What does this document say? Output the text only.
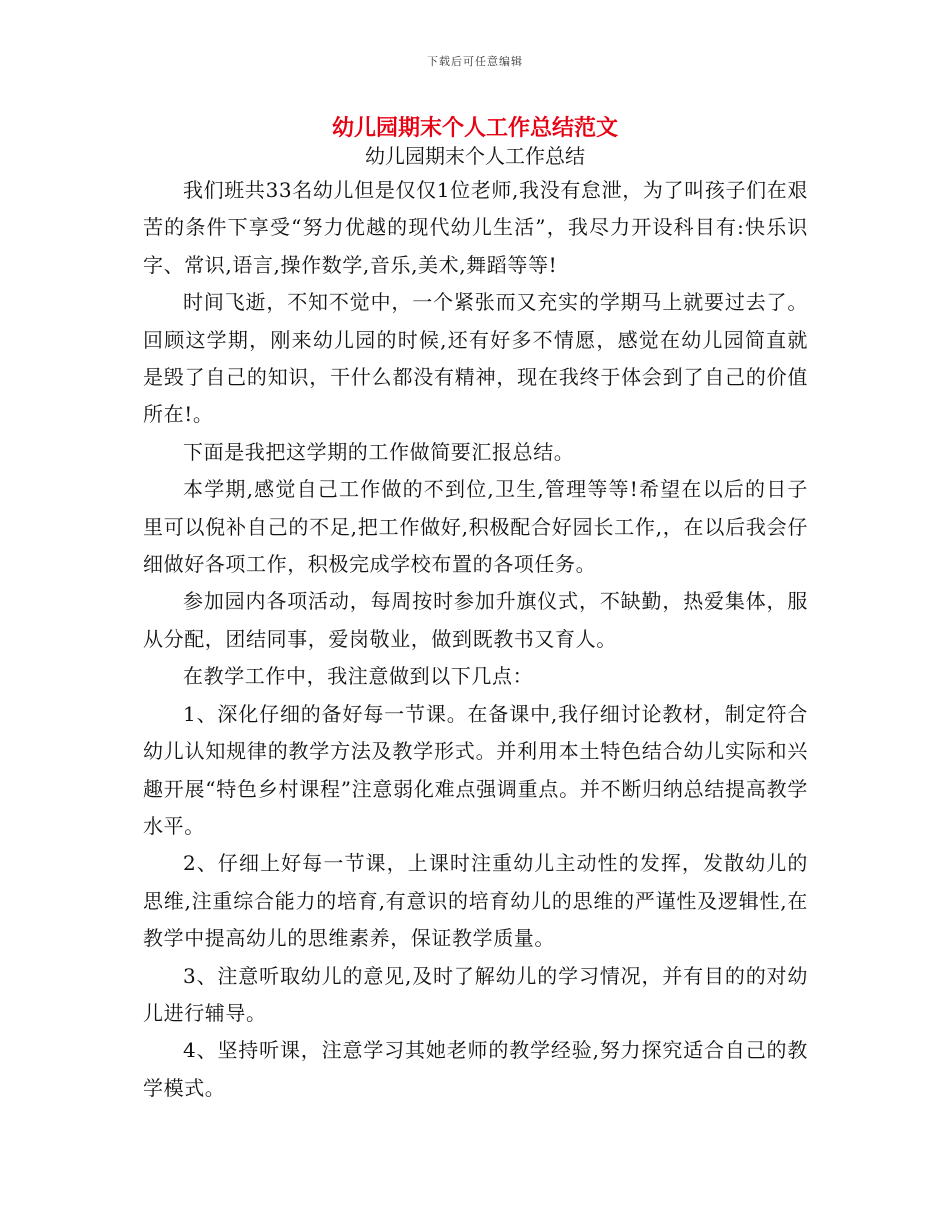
下载后可任意编辑
幼儿园期末个人工作总结范文
幼儿园期末个人工作总结

我们班共33名幼儿但是仅仅1位老师,我没有怠泄，为了叫孩子们在艰苦的条件下享受“努力优越的现代幼儿生活”，我尽力开设科目有:快乐识字、常识,语言,操作数学,音乐,美术,舞蹈等等!

时间飞逝，不知不觉中，一个紧张而又充实的学期马上就要过去了。回顾这学期，刚来幼儿园的时候,还有好多不情愿，感觉在幼儿园简直就是毁了自己的知识，干什么都没有精神，现在我终于体会到了自己的价值所在!。

下面是我把这学期的工作做简要汇报总结。

本学期,感觉自己工作做的不到位,卫生,管理等等!希望在以后的日子里可以倪补自己的不足,把工作做好,积极配合好园长工作,，在以后我会仔细做好各项工作，积极完成学校布置的各项任务。

参加园内各项活动，每周按时参加升旗仪式，不缺勤，热爱集体，服从分配，团结同事，爱岗敬业，做到既教书又育人。

在教学工作中，我注意做到以下几点：

1、深化仔细的备好每一节课。在备课中,我仔细讨论教材，制定符合幼儿认知规律的教学方法及教学形式。并利用本土特色结合幼儿实际和兴趣开展“特色乡村课程”注意弱化难点强调重点。并不断归纳总结提高教学水平。

2、仔细上好每一节课，上课时注重幼儿主动性的发挥，发散幼儿的思维,注重综合能力的培育,有意识的培育幼儿的思维的严谨性及逻辑性,在教学中提高幼儿的思维素养，保证教学质量。

3、注意听取幼儿的意见,及时了解幼儿的学习情况，并有目的的对幼儿进行辅导。

4、坚持听课，注意学习其她老师的教学经验,努力探究适合自己的教学模式。
